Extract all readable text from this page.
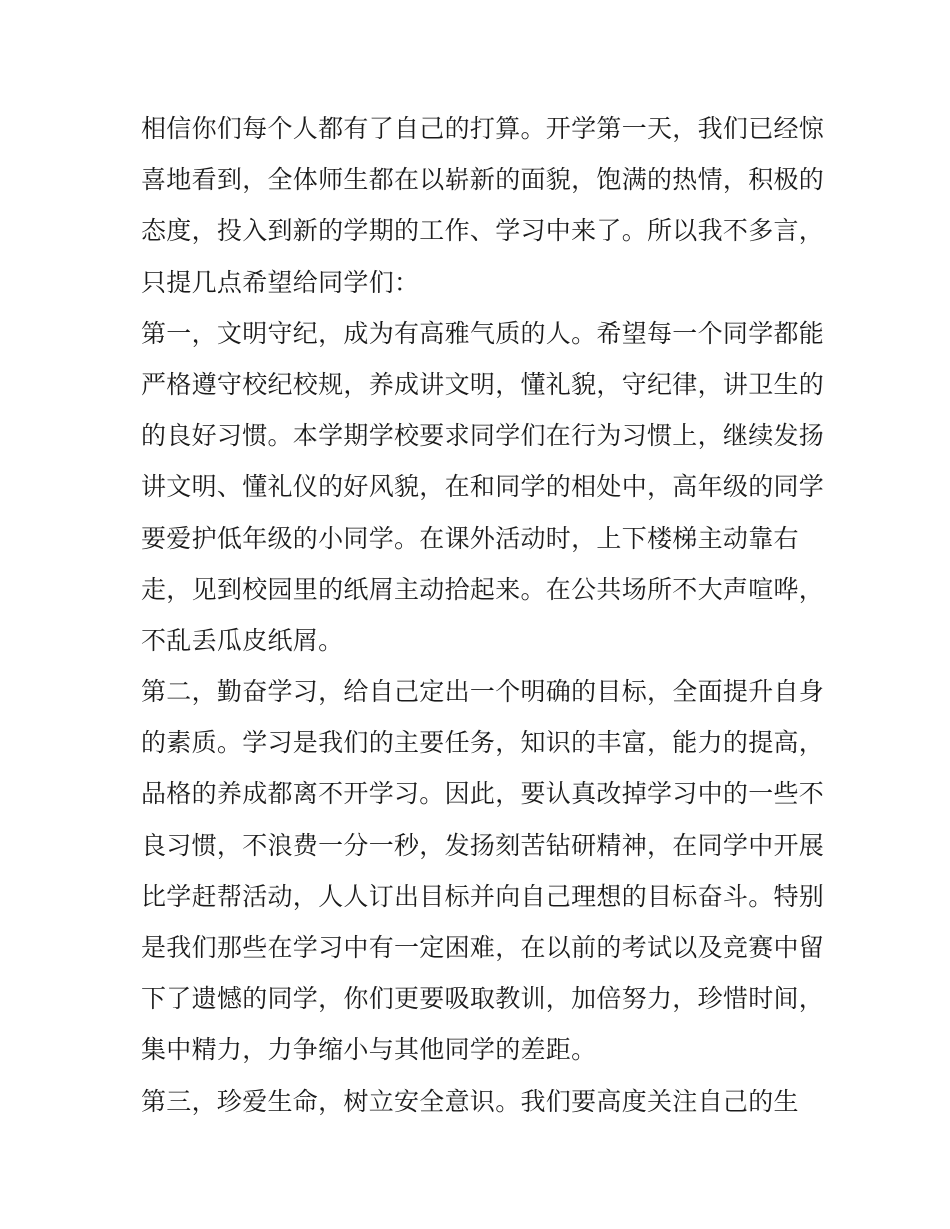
相信你们每个人都有了自己的打算。开学第一天，我们已经惊
喜地看到，全体师生都在以崭新的面貌，饱满的热情，积极的
态度，投入到新的学期的工作、学习中来了。所以我不多言，
只提几点希望给同学们：
第一，文明守纪，成为有高雅气质的人。希望每一个同学都能
严格遵守校纪校规，养成讲文明，懂礼貌，守纪律，讲卫生的
的良好习惯。本学期学校要求同学们在行为习惯上，继续发扬
讲文明、懂礼仪的好风貌，在和同学的相处中，高年级的同学
要爱护低年级的小同学。在课外活动时，上下楼梯主动靠右
走，见到校园里的纸屑主动拾起来。在公共场所不大声喧哗，
不乱丢瓜皮纸屑。
第二，勤奋学习，给自己定出一个明确的目标，全面提升自身
的素质。学习是我们的主要任务，知识的丰富，能力的提高，
品格的养成都离不开学习。因此，要认真改掉学习中的一些不
良习惯，不浪费一分一秒，发扬刻苦钻研精神，在同学中开展
比学赶帮活动，人人订出目标并向自己理想的目标奋斗。特别
是我们那些在学习中有一定困难，在以前的考试以及竞赛中留
下了遗憾的同学，你们更要吸取教训，加倍努力，珍惜时间，
集中精力，力争缩小与其他同学的差距。
第三，珍爱生命，树立安全意识。我们要高度关注自己的生
